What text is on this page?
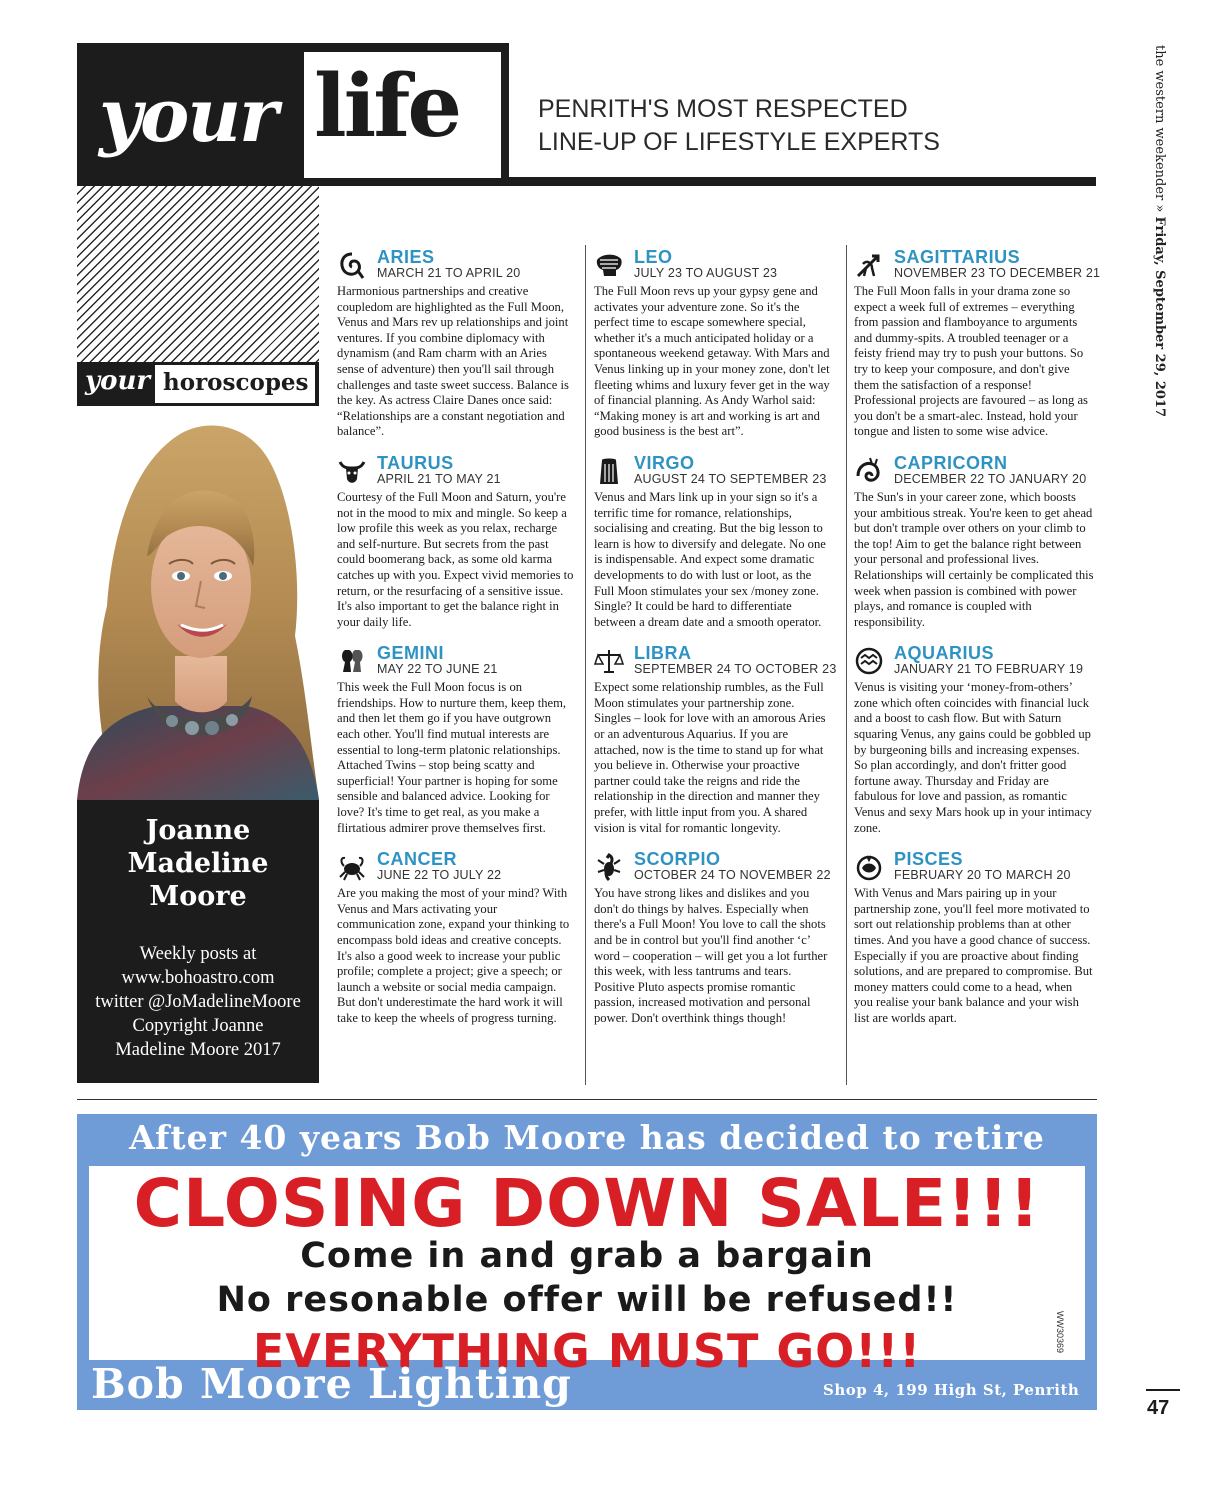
your life	PENRITH'S MOST RESPECTED
LINE-UP OF LIFESTYLE EXPERTS	the western weekender » Friday, September 29, 2017
47
your horoscopes
Joanne
Madeline
Moore
Weekly posts at
www.bohoastro.com
twitter @JoMadelineMoore
Copyright Joanne
Madeline Moore 2017
ARIES
MARCH 21 TO APRIL 20
Harmonious partnerships and creative coupledom are highlighted as the Full Moon, Venus and Mars rev up relationships and joint ventures. If you combine diplomacy with dynamism (and Ram charm with an Aries sense of adventure) then you'll sail through challenges and taste sweet success. Balance is the key. As actress Claire Danes once said: “Relationships are a constant negotiation and balance”.
TAURUS
APRIL 21 TO MAY 21
Courtesy of the Full Moon and Saturn, you're not in the mood to mix and mingle. So keep a low profile this week as you relax, recharge and self-nurture. But secrets from the past could boomerang back, as some old karma catches up with you. Expect vivid memories to return, or the resurfacing of a sensitive issue. It's also important to get the balance right in your daily life.
GEMINI
MAY 22 TO JUNE 21
This week the Full Moon focus is on friendships. How to nurture them, keep them, and then let them go if you have outgrown each other. You'll find mutual interests are essential to long-term platonic relationships. Attached Twins – stop being scatty and superficial! Your partner is hoping for some sensible and balanced advice. Looking for love? It's time to get real, as you make a flirtatious admirer prove themselves first.
CANCER
JUNE 22 TO JULY 22
Are you making the most of your mind? With Venus and Mars activating your communication zone, expand your thinking to encompass bold ideas and creative concepts. It's also a good week to increase your public profile; complete a project; give a speech; or launch a website or social media campaign. But don't underestimate the hard work it will take to keep the wheels of progress turning.
LEO
JULY 23 TO AUGUST 23
The Full Moon revs up your gypsy gene and activates your adventure zone. So it's the perfect time to escape somewhere special, whether it's a much anticipated holiday or a spontaneous weekend getaway. With Mars and Venus linking up in your money zone, don't let fleeting whims and luxury fever get in the way of financial planning. As Andy Warhol said: “Making money is art and working is art and good business is the best art”.
VIRGO
AUGUST 24 TO SEPTEMBER 23
Venus and Mars link up in your sign so it's a terrific time for romance, relationships, socialising and creating. But the big lesson to learn is how to diversify and delegate. No one is indispensable. And expect some dramatic developments to do with lust or loot, as the Full Moon stimulates your sex /money zone. Single? It could be hard to differentiate between a dream date and a smooth operator.
LIBRA
SEPTEMBER 24 TO OCTOBER 23
Expect some relationship rumbles, as the Full Moon stimulates your partnership zone. Singles – look for love with an amorous Aries or an adventurous Aquarius. If you are attached, now is the time to stand up for what you believe in. Otherwise your proactive partner could take the reigns and ride the relationship in the direction and manner they prefer, with little input from you. A shared vision is vital for romantic longevity.
SCORPIO
OCTOBER 24 TO NOVEMBER 22
You have strong likes and dislikes and you don't do things by halves. Especially when there's a Full Moon! You love to call the shots and be in control but you'll find another ‘c’ word – cooperation – will get you a lot further this week, with less tantrums and tears. Positive Pluto aspects promise romantic passion, increased motivation and personal power. Don't overthink things though!
SAGITTARIUS
NOVEMBER 23 TO DECEMBER 21
The Full Moon falls in your drama zone so expect a week full of extremes – everything from passion and flamboyance to arguments and dummy-spits. A troubled teenager or a feisty friend may try to push your buttons. So try to keep your composure, and don't give them the satisfaction of a response! Professional projects are favoured – as long as you don't be a smart-alec. Instead, hold your tongue and listen to some wise advice.
CAPRICORN
DECEMBER 22 TO JANUARY 20
The Sun's in your career zone, which boosts your ambitious streak. You're keen to get ahead but don't trample over others on your climb to the top! Aim to get the balance right between your personal and professional lives. Relationships will certainly be complicated this week when passion is combined with power plays, and romance is coupled with responsibility.
AQUARIUS
JANUARY 21 TO FEBRUARY 19
Venus is visiting your ‘money-from-others’ zone which often coincides with financial luck and a boost to cash flow. But with Saturn squaring Venus, any gains could be gobbled up by burgeoning bills and increasing expenses. So plan accordingly, and don't fritter good fortune away. Thursday and Friday are fabulous for love and passion, as romantic Venus and sexy Mars hook up in your intimacy zone.
PISCES
FEBRUARY 20 TO MARCH 20
With Venus and Mars pairing up in your partnership zone, you'll feel more motivated to sort out relationship problems than at other times. And you have a good chance of success. Especially if you are proactive about finding solutions, and are prepared to compromise. But money matters could come to a head, when you realise your bank balance and your wish list are worlds apart.
After 40 years Bob Moore has decided to retire
CLOSING DOWN SALE!!!
Come in and grab a bargain
No resonable offer will be refused!!
EVERYTHING MUST GO!!!	WW30369
Bob Moore Lighting	Shop 4, 199 High St, Penrith
